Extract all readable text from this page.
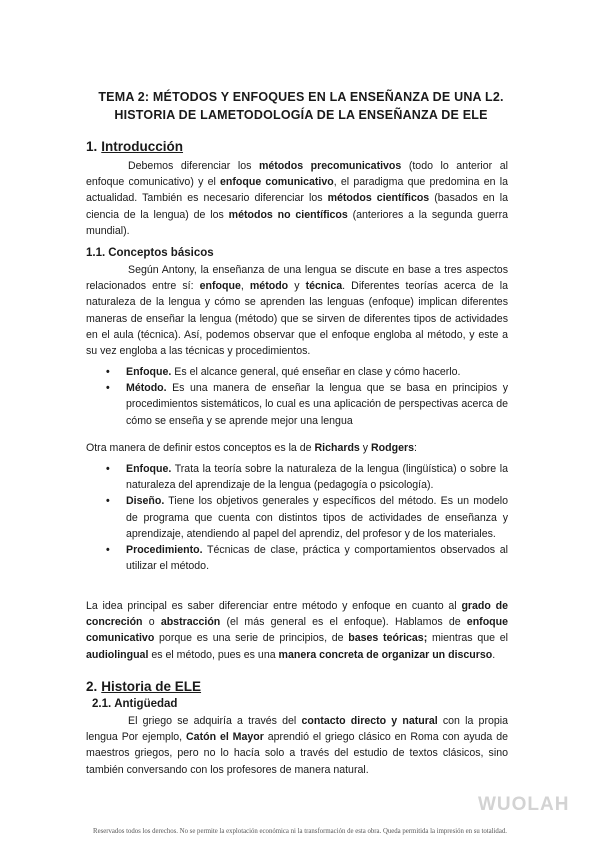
TEMA 2: MÉTODOS Y ENFOQUES EN LA ENSEÑANZA DE UNA L2.
HISTORIA DE LAMETODOLOGÍA DE LA ENSEÑANZA DE ELE
1. Introducción

Debemos diferenciar los métodos precomunicativos (todo lo anterior al enfoque comunicativo) y el enfoque comunicativo, el paradigma que predomina en la actualidad. También es necesario diferenciar los métodos científicos (basados en la ciencia de la lengua) de los métodos no científicos (anteriores a la segunda guerra mundial).

1.1. Conceptos básicos

Según Antony, la enseñanza de una lengua se discute en base a tres aspectos relacionados entre sí: enfoque, método y técnica. Diferentes teorías acerca de la naturaleza de la lengua y cómo se aprenden las lenguas (enfoque) implican diferentes maneras de enseñar la lengua (método) que se sirven de diferentes tipos de actividades en el aula (técnica). Así, podemos observar que el enfoque engloba al método, y este a su vez engloba a las técnicas y procedimientos.

• Enfoque. Es el alcance general, qué enseñar en clase y cómo hacerlo.
• Método. Es una manera de enseñar la lengua que se basa en principios y procedimientos sistemáticos, lo cual es una aplicación de perspectivas acerca de cómo se enseña y se aprende mejor una lengua

Otra manera de definir estos conceptos es la de Richards y Rodgers:

• Enfoque. Trata la teoría sobre la naturaleza de la lengua (lingüística) o sobre la naturaleza del aprendizaje de la lengua (pedagogía o psicología).
• Diseño. Tiene los objetivos generales y específicos del método. Es un modelo de programa que cuenta con distintos tipos de actividades de enseñanza y aprendizaje, atendiendo al papel del aprendiz, del profesor y de los materiales.
• Procedimiento. Técnicas de clase, práctica y comportamientos observados al utilizar el método.

La idea principal es saber diferenciar entre método y enfoque en cuanto al grado de concreción o abstracción (el más general es el enfoque). Hablamos de enfoque comunicativo porque es una serie de principios, de bases teóricas; mientras que el audiolingual es el método, pues es una manera concreta de organizar un discurso.

2. Historia de ELE
2.1. Antigüedad

El griego se adquiría a través del contacto directo y natural con la propia lengua Por ejemplo, Catón el Mayor aprendió el griego clásico en Roma con ayuda de maestros griegos, pero no lo hacía solo a través del estudio de textos clásicos, sino también conversando con los profesores de manera natural.

WUOLAH
Reservados todos los derechos. No se permite la explotación económica ni la transformación de esta obra. Queda permitida la impresión en su totalidad.
